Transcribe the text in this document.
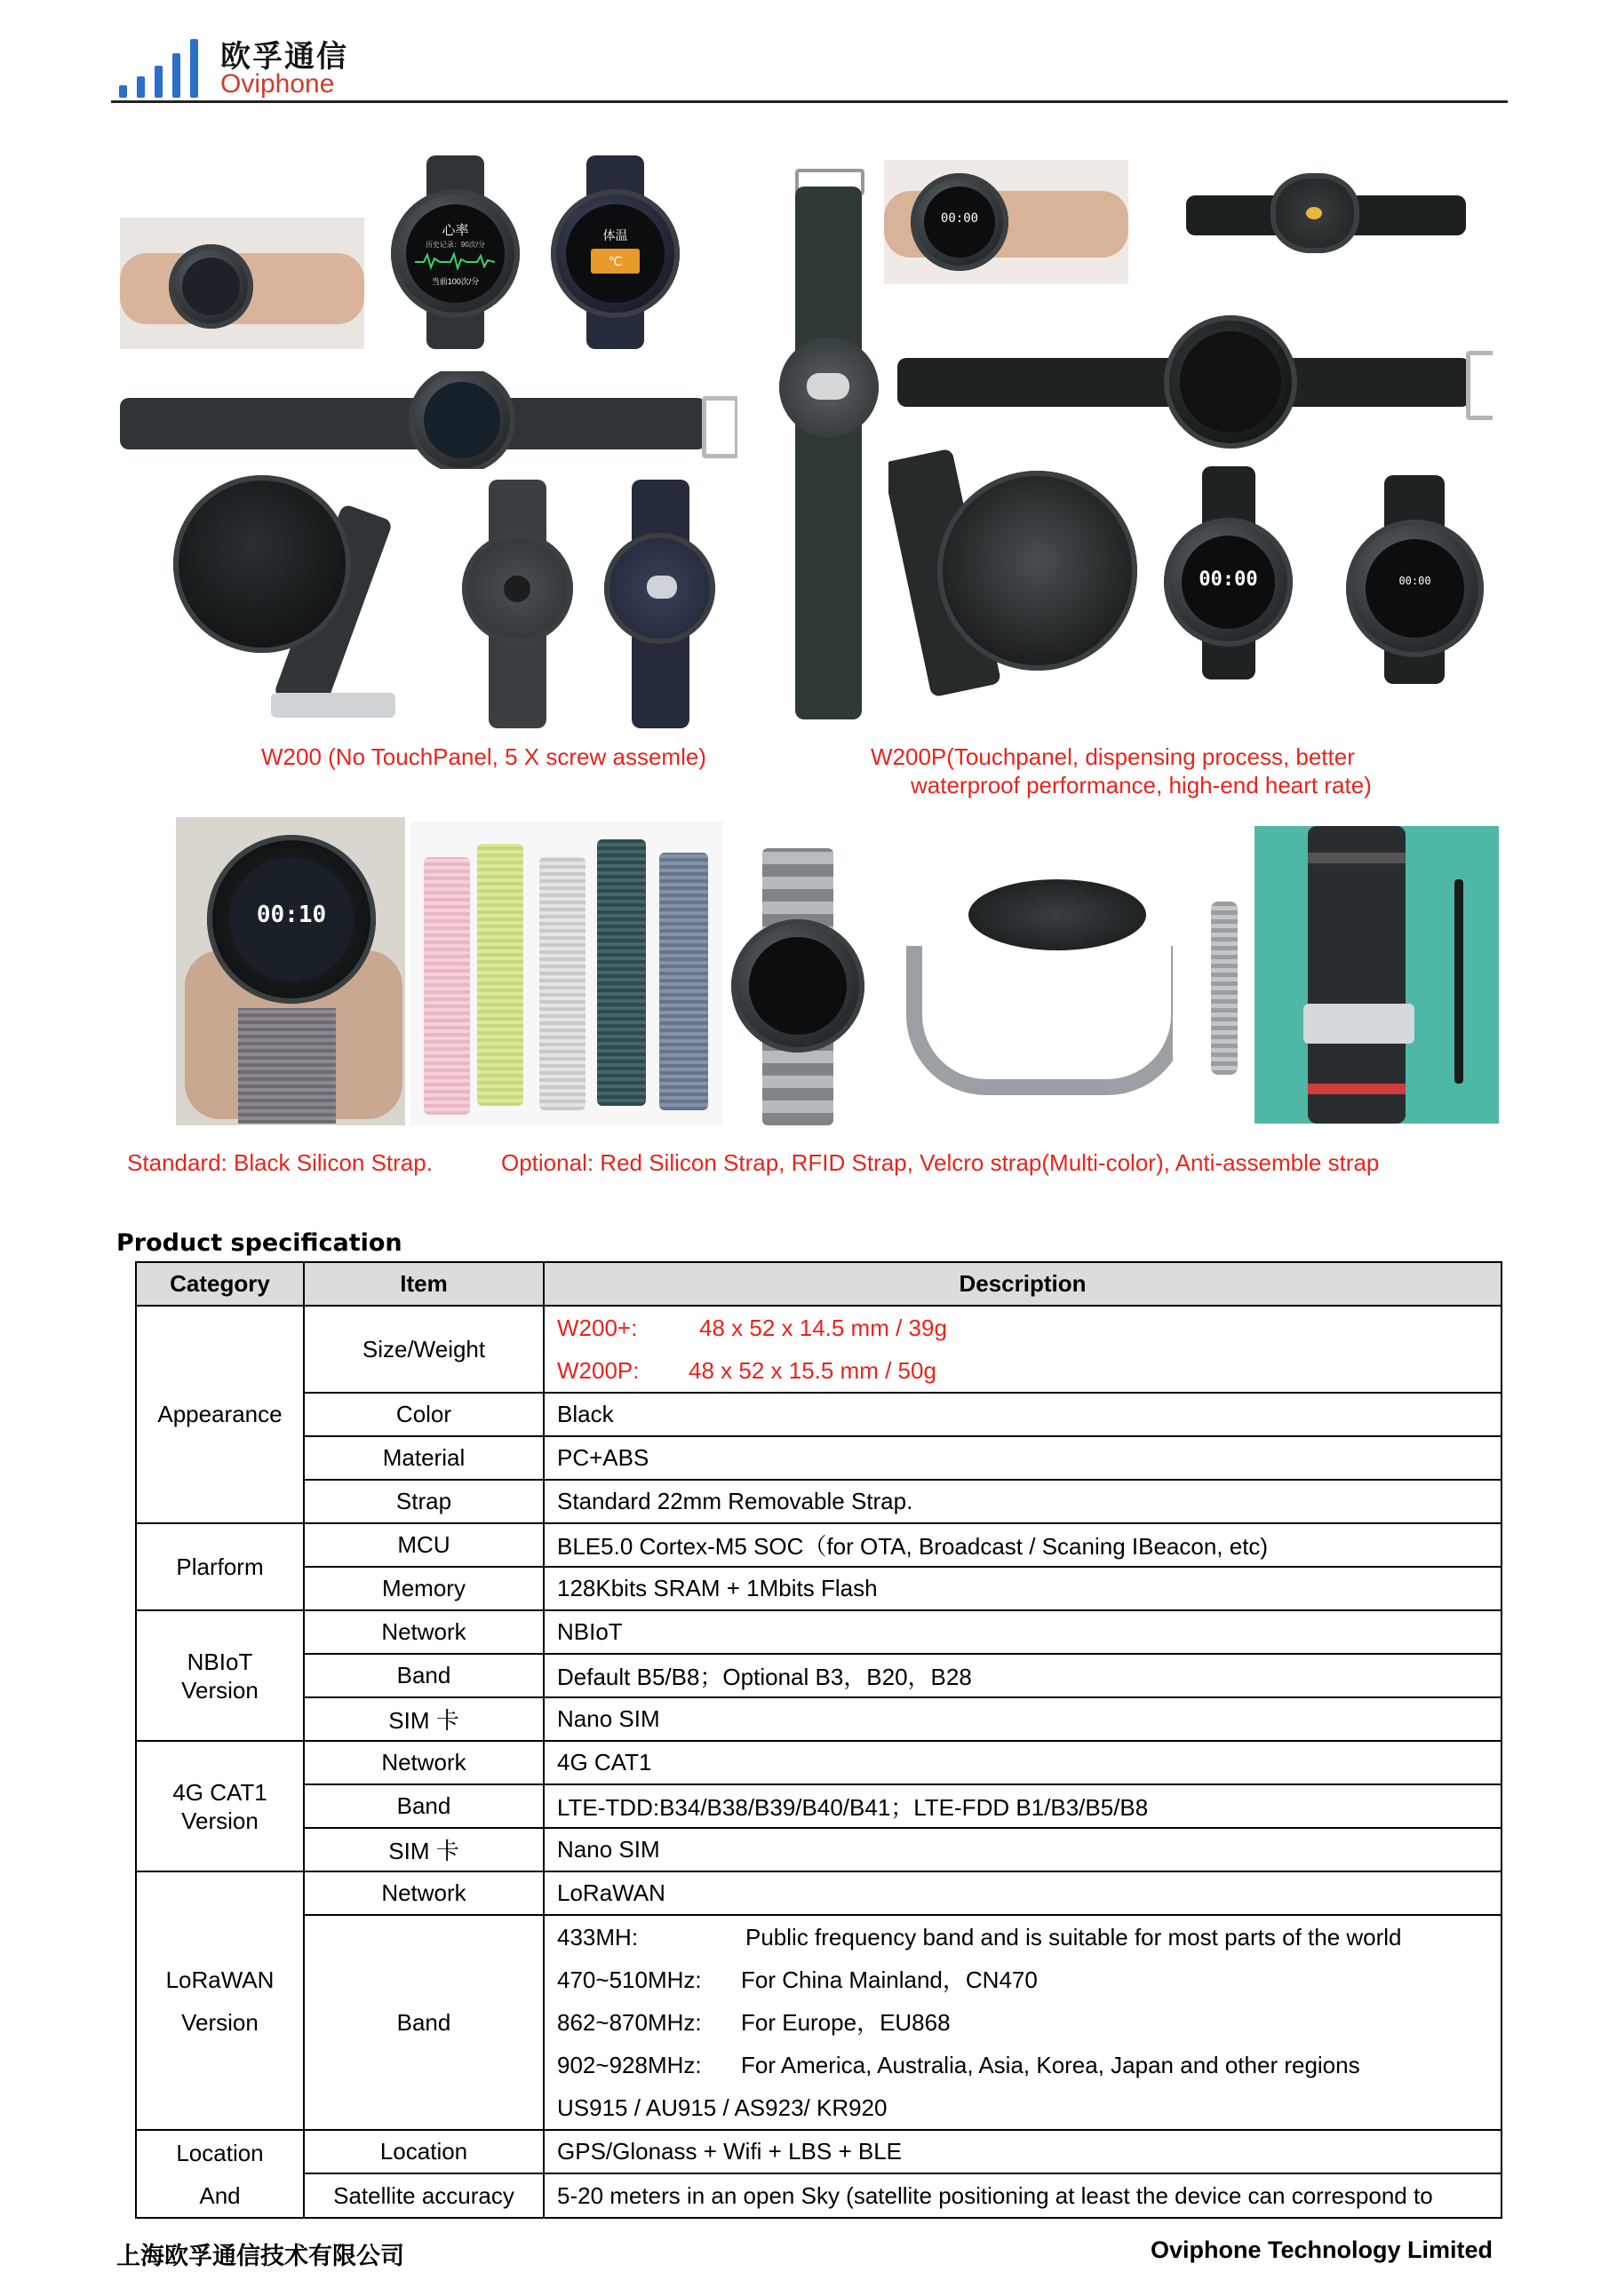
欧孚通信
Oviphone
心率
历史记录：90次/分
当前100次/分
体温
℃
00:00
00:00	00:00
W200 (No TouchPanel, 5 X screw assemle)	W200P(Touchpanel, dispensing process, better
waterproof performance, high-end heart rate)
00:10
Standard: Black Silicon Strap.	Optional: Red Silicon Strap, RFID Strap, Velcro strap(Multi-color), Anti-assemble strap
Product specification
Category	Item	Description
Appearance	Size/Weight	W200+: 48 x 52 x 14.5 mm / 39g
W200P: 48 x 52 x 15.5 mm / 50g

	Color	Black
	Material	PC+ABS
	Strap	Standard 22mm Removable Strap.
Plarform	MCU	BLE5.0 Cortex-M5 SOC（for OTA, Broadcast / Scaning IBeacon, etc)
	Memory	128Kbits SRAM + 1Mbits Flash

NBIoT
Version	Network	NBIoT
	Band	Default B5/B8；Optional B3，B20，B28
	SIM 卡	Nano SIM

4G CAT1
Version	Network	4G CAT1
	Band	LTE-TDD:B34/B38/B39/B40/B41；LTE-FDD B1/B3/B5/B8
	SIM 卡	Nano SIM

LoRaWAN
Version	Network	LoRaWAN
	Band	433MH: Public frequency band and is suitable for most parts of the world
470~510MHz: For China Mainland，CN470
862~870MHz: For Europe，EU868
902~928MHz: For America, Australia, Asia, Korea, Japan and other regions
US915 / AU915 / AS923/ KR920

Location
And	Location	GPS/Glonass + Wifi + LBS + BLE
	Satellite accuracy	5-20 meters in an open Sky (satellite positioning at least the device can correspond to
上海欧孚通信技术有限公司	Oviphone Technology Limited
